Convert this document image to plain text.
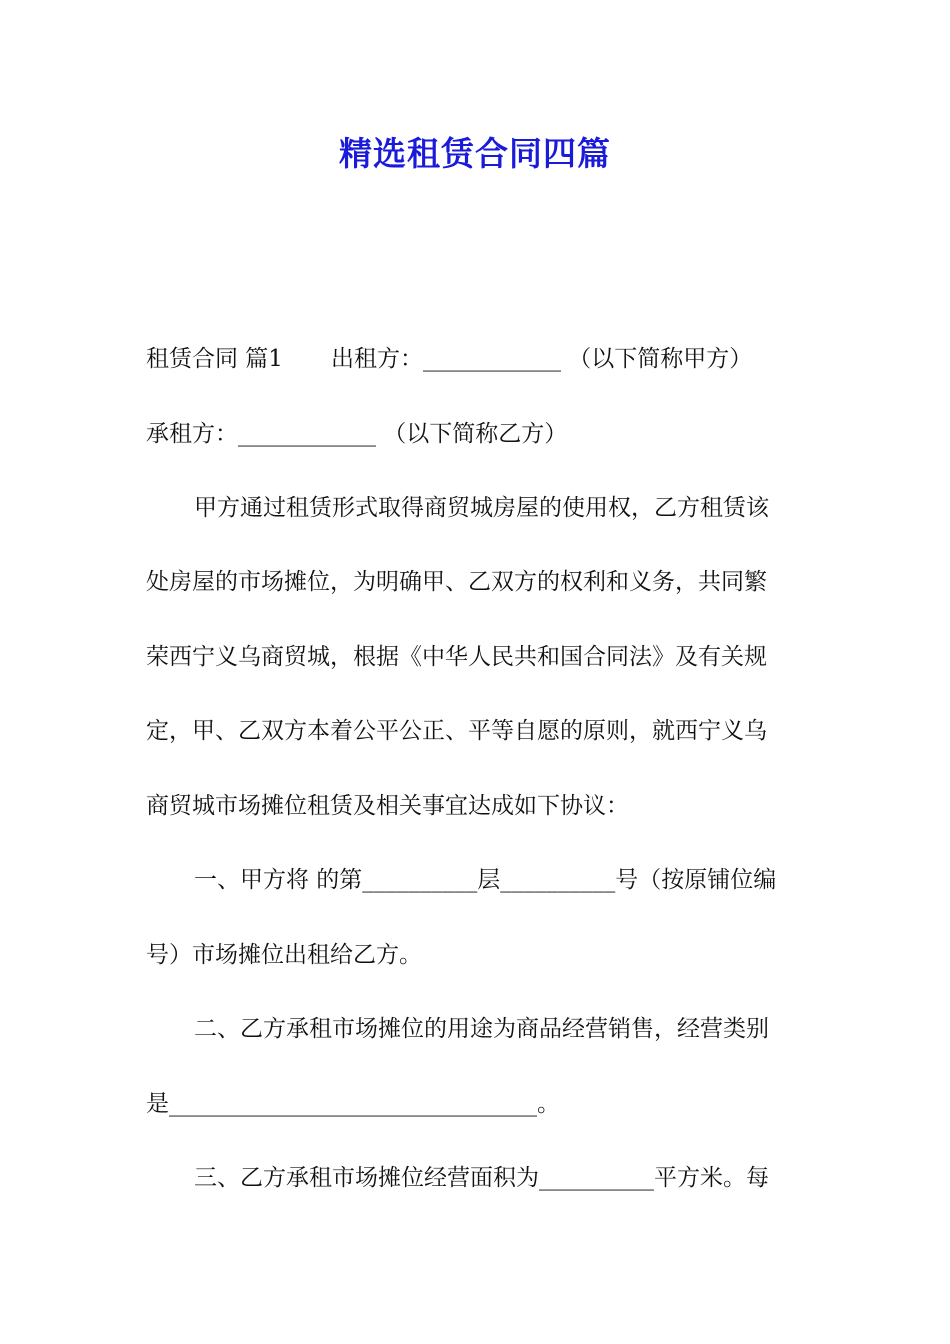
精选租赁合同四篇
租赁合同 篇1 出租方：____________ （以下简称甲方）
承租方：____________ （以下简称乙方）
甲方通过租赁形式取得商贸城房屋的使用权，乙方租赁该
处房屋的市场摊位，为明确甲、乙双方的权利和义务，共同繁
荣西宁义乌商贸城，根据《中华人民共和国合同法》及有关规
定，甲、乙双方本着公平公正、平等自愿的原则，就西宁义乌
商贸城市场摊位租赁及相关事宜达成如下协议：
一、甲方将 的第__________层__________号（按原铺位编
号）市场摊位出租给乙方。
二、乙方承租市场摊位的用途为商品经营销售，经营类别
是________________________________。
三、乙方承租市场摊位经营面积为__________平方米。每
